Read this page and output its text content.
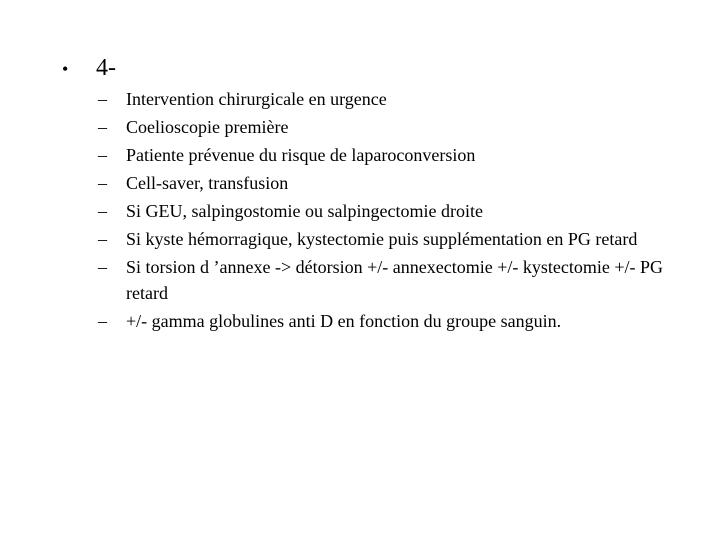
•	4-
–	Intervention chirurgicale en urgence
–	Coelioscopie première
–	Patiente prévenue du risque de laparoconversion
–	Cell-saver, transfusion
–	Si GEU, salpingostomie ou salpingectomie droite
–	Si kyste hémorragique, kystectomie puis supplémentation en PG retard
–	Si torsion d ’annexe -> détorsion +/- annexectomie +/- kystectomie +/- PG retard
–	+/- gamma globulines anti D en fonction du groupe sanguin.
